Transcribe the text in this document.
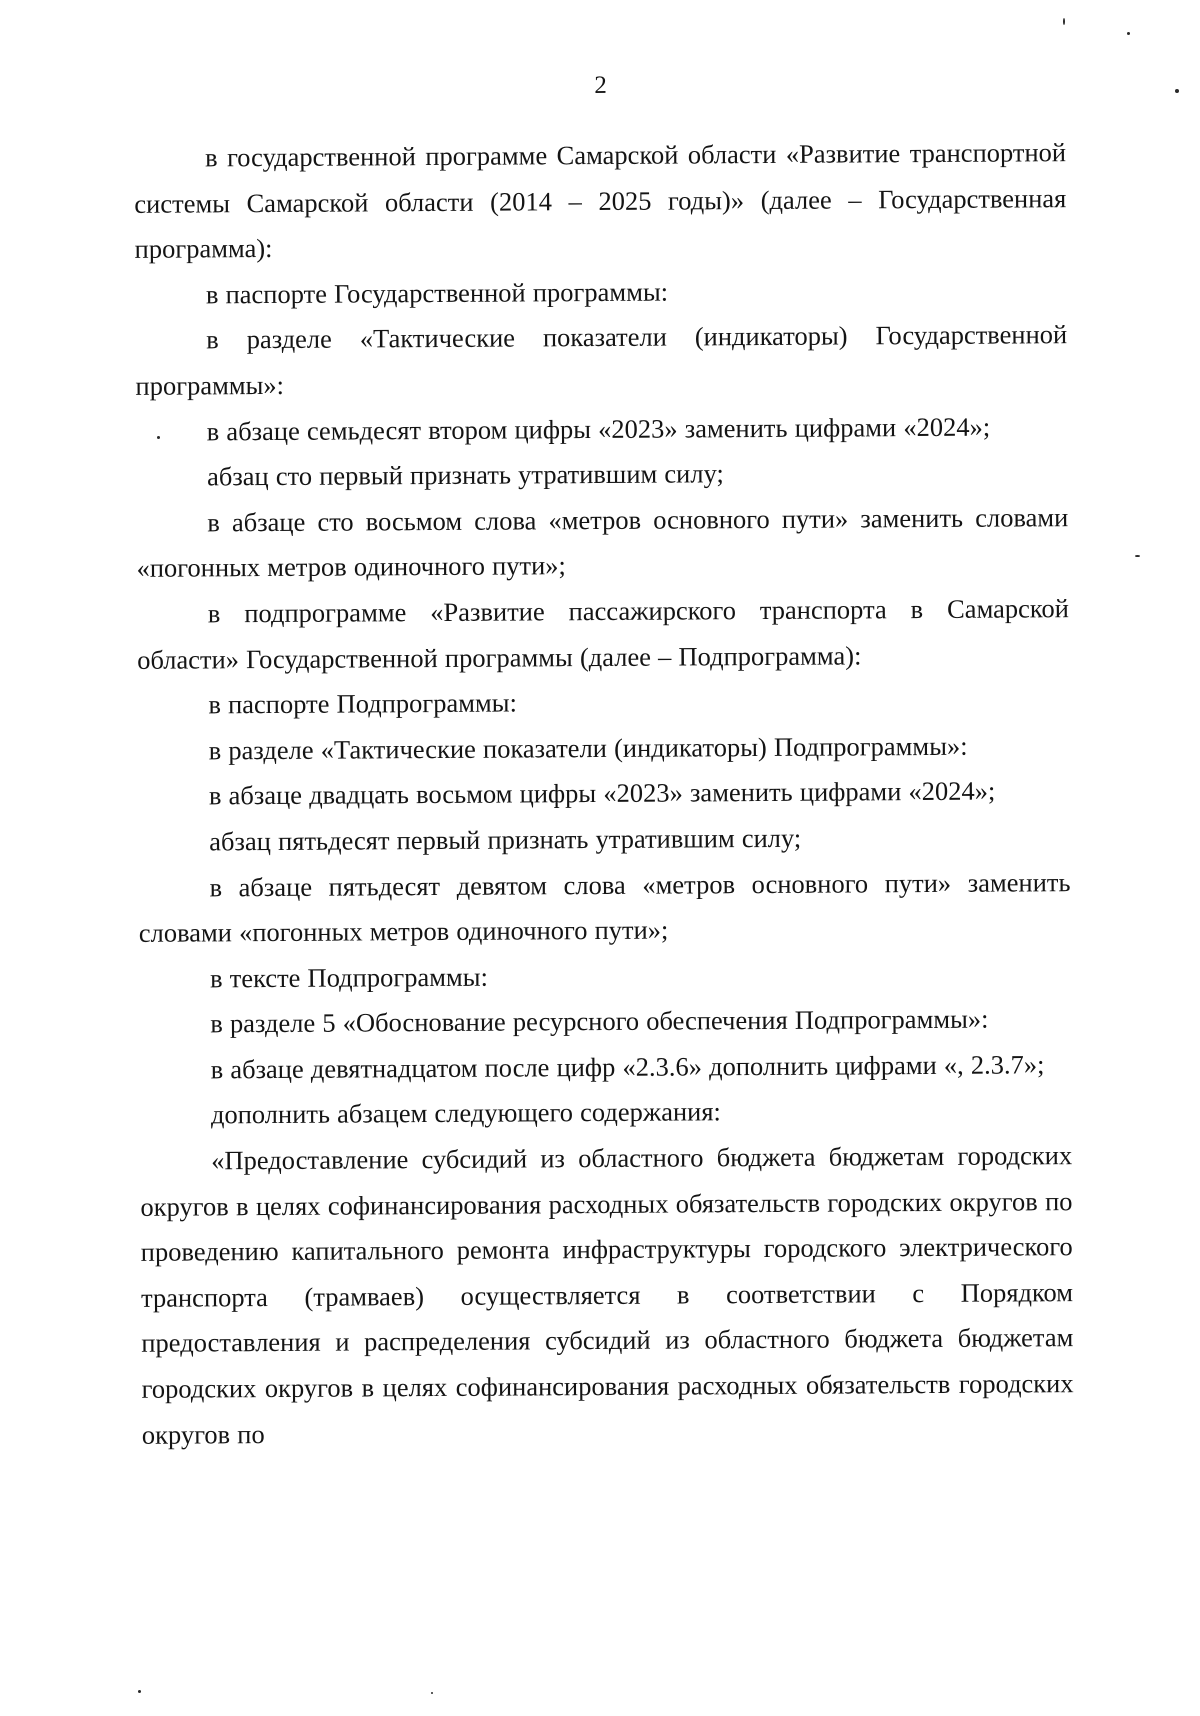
2

в государственной программе Самарской области «Развитие транспортной системы Самарской области (2014 – 2025 годы)» (далее – Государственная программа):

в паспорте Государственной программы:

в разделе «Тактические показатели (индикаторы) Государственной программы»:

в абзаце семьдесят втором цифры «2023» заменить цифрами «2024»;

абзац сто первый признать утратившим силу;

в абзаце сто восьмом слова «метров основного пути» заменить словами «погонных метров одиночного пути»;

в подпрограмме «Развитие пассажирского транспорта в Самарской области» Государственной программы (далее – Подпрограмма):

в паспорте Подпрограммы:

в разделе «Тактические показатели (индикаторы) Подпрограммы»:

в абзаце двадцать восьмом цифры «2023» заменить цифрами «2024»;

абзац пятьдесят первый признать утратившим силу;

в абзаце пятьдесят девятом слова «метров основного пути» заменить словами «погонных метров одиночного пути»;

в тексте Подпрограммы:

в разделе 5 «Обоснование ресурсного обеспечения Подпрограммы»:

в абзаце девятнадцатом после цифр «2.3.6» дополнить цифрами «, 2.3.7»;

дополнить абзацем следующего содержания:

«Предоставление субсидий из областного бюджета бюджетам городских округов в целях софинансирования расходных обязательств городских округов по проведению капитального ремонта инфраструктуры городского электрического транспорта (трамваев) осуществляется в соответствии с Порядком предоставления и распределения субсидий из областного бюджета бюджетам городских округов в целях софинансирования расходных обязательств городских округов по
